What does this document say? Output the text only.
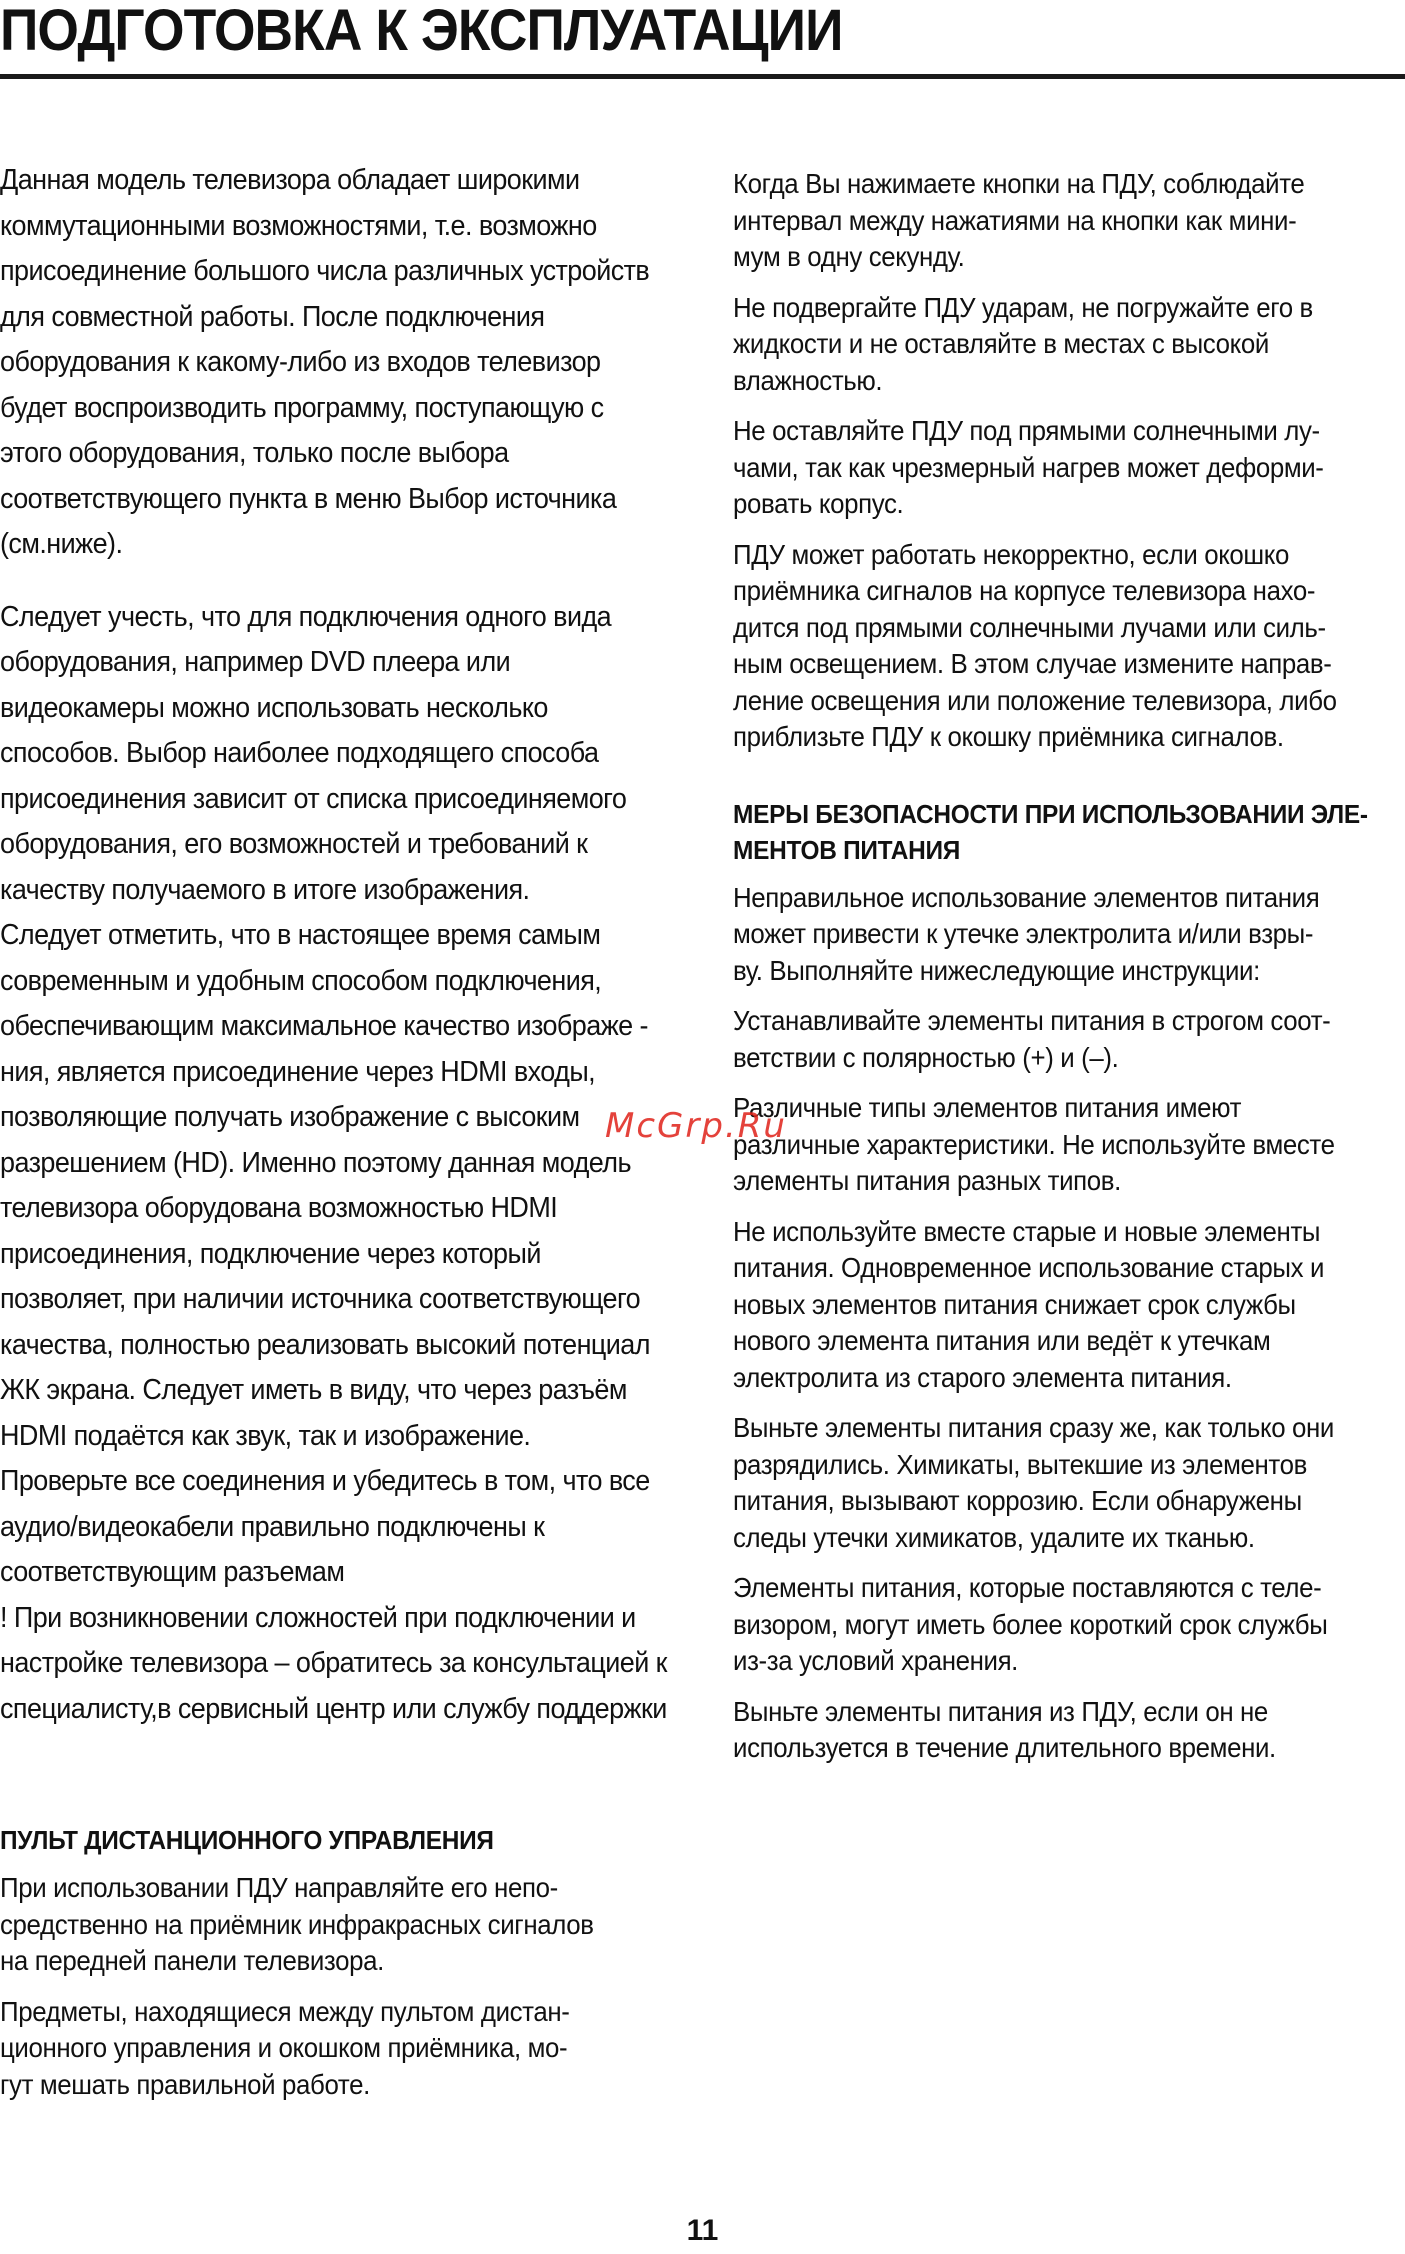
ПОДГОТОВКА К ЭКСПЛУАТАЦИИ

Данная модель телевизора обладает широкими
коммутационными возможностями, т.е. возможно
присоединение большого числа различных устройств
для совместной работы. После подключения
оборудования к какому-либо из входов телевизор
будет воспроизводить программу, поступающую с
этого оборудования, только после выбора
соответствующего пункта в меню Выбор источника
(см.ниже).

Следует учесть, что для подключения одного вида
оборудования, например DVD плеера или
видеокамеры можно использовать несколько
способов. Выбор наиболее подходящего способа
присоединения зависит от списка присоединяемого
оборудования, его возможностей и требований к
качеству получаемого в итоге изображения.

Следует отметить, что в настоящее время самым
современным и удобным способом подключения,
обеспечивающим максимальное качество изображе -
ния, является присоединение через HDMI входы,
позволяющие получать изображение с высоким
разрешением (HD). Именно поэтому данная модель
телевизора оборудована возможностью HDMI
присоединения, подключение через который
позволяет, при наличии источника соответствующего
качества, полностью реализовать высокий потенциал
ЖК экрана. Следует иметь в виду, что через разъём
HDMI подаётся как звук, так и изображение.

Проверьте все соединения и убедитесь в том, что все
аудио/видеокабели правильно подключены к
соответствующим разъемам

! При возникновении сложностей при подключении и
настройке телевизора – обратитесь за консультацией к
специалисту,в сервисный центр или службу поддержки

ПУЛЬТ ДИСТАНЦИОННОГО УПРАВЛЕНИЯ

При использовании ПДУ направляйте его непо-
средственно на приёмник инфракрасных сигналов
на передней панели телевизора.

Предметы, находящиеся между пультом дистан-
ционного управления и окошком приёмника, мо-
гут мешать правильной работе.

Когда Вы нажимаете кнопки на ПДУ, соблюдайте
интервал между нажатиями на кнопки как мини-
мум в одну секунду.

Не подвергайте ПДУ ударам, не погружайте его в
жидкости и не оставляйте в местах с высокой
влажностью.

Не оставляйте ПДУ под прямыми солнечными лу-
чами, так как чрезмерный нагрев может деформи-
ровать корпус.

ПДУ может работать некорректно, если окошко
приёмника сигналов на корпусе телевизора нахо-
дится под прямыми солнечными лучами или силь-
ным освещением. В этом случае измените направ-
ление освещения или положение телевизора, либо
приблизьте ПДУ к окошку приёмника сигналов.

МЕРЫ БЕЗОПАСНОСТИ ПРИ ИСПОЛЬЗОВАНИИ ЭЛЕ-
МЕНТОВ ПИТАНИЯ

Неправильное использование элементов питания
может привести к утечке электролита и/или взры-
ву. Выполняйте нижеследующие инструкции:

Устанавливайте элементы питания в строгом соот-
ветствии с полярностью (+) и (–).

Различные типы элементов питания имеют
различные характеристики. Не используйте вместе
элементы питания разных типов.

Не используйте вместе старые и новые элементы
питания. Одновременное использование старых и
новых элементов питания снижает срок службы
нового элемента питания или ведёт к утечкам
электролита из старого элемента питания.

Выньте элементы питания сразу же, как только они
разрядились. Химикаты, вытекшие из элементов
питания, вызывают коррозию. Если обнаружены
следы утечки химикатов, удалите их тканью.

Элементы питания, которые поставляются с теле-
визором, могут иметь более короткий срок службы
из-за условий хранения.

Выньте элементы питания из ПДУ, если он не
используется в течение длительного времени.

McGrp.Ru
11
